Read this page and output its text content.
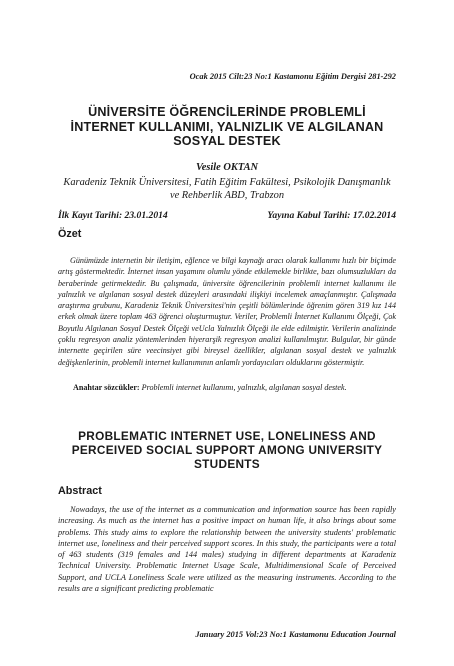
Ocak 2015 Cilt:23 No:1 Kastamonu Eğitim Dergisi 281-292
ÜNİVERSİTE ÖĞRENCİLERİNDE PROBLEMLİ İNTERNET KULLANIMI, YALNIZLIK VE ALGILANAN SOSYAL DESTEK
Vesile OKTAN
Karadeniz Teknik Üniversitesi, Fatih Eğitim Fakültesi, Psikolojik Danışmanlık ve Rehberlik ABD, Trabzon
İlk Kayıt Tarihi: 23.01.2014	Yayına Kabul Tarihi: 17.02.2014
Özet

Günümüzde internetin bir iletişim, eğlence ve bilgi kaynağı aracı olarak kullanımı hızlı bir biçimde artış göstermektedir. İnternet insan yaşamını olumlu yönde etkilemekle birlikte, bazı olumsuzlukları da beraberinde getirmektedir. Bu çalışmada, üniversite öğrencilerinin problemli internet kullanımı ile yalnızlık ve algılanan sosyal destek düzeyleri arasındaki ilişkiyi incelemek amaçlanmıştır. Çalışmada araştırma grubunu, Karadeniz Teknik Üniversitesi'nin çeşitli bölümlerinde öğrenim gören 319 kız 144 erkek olmak üzere toplam 463 öğrenci oluşturmuştur. Veriler, Problemli İnternet Kullanımı Ölçeği, Çok Boyutlu Algılanan Sosyal Destek Ölçeği veUcla Yalnızlık Ölçeği ile elde edilmiştir. Verilerin analizinde çoklu regresyon analiz yöntemlerinden hiyerarşik regresyon analizi kullanılmıştır. Bulgular, bir günde internette geçirilen süre veecinsiyet gibi bireysel özellikler, algılanan sosyal destek ve yalnızlık değişkenlerinin, problemli internet kullanımının anlamlı yordayıcıları olduklarını göstermiştir.

Anahtar sözcükler: Problemli internet kullanımı, yalnızlık, algılanan sosyal destek.
PROBLEMATIC INTERNET USE, LONELINESS AND PERCEIVED SOCIAL SUPPORT AMONG UNIVERSITY STUDENTS
Abstract

Nowadays, the use of the internet as a communication and information source has been rapidly increasing. As much as the internet has a positive impact on human life, it also brings about some problems. This study aims to explore the relationship between the university students' problematic internet use, loneliness and their perceived support scores. In this study, the participants were a total of 463 students (319 females and 144 males) studying in different departments at Karadeniz Technical University. Problematic Internet Usage Scale, Multidimensional Scale of Perceived Support, and UCLA Loneliness Scale were utilized as the measuring instruments. According to the results are a significant predicting problematic

January 2015 Vol:23 No:1 Kastamonu Education Journal
